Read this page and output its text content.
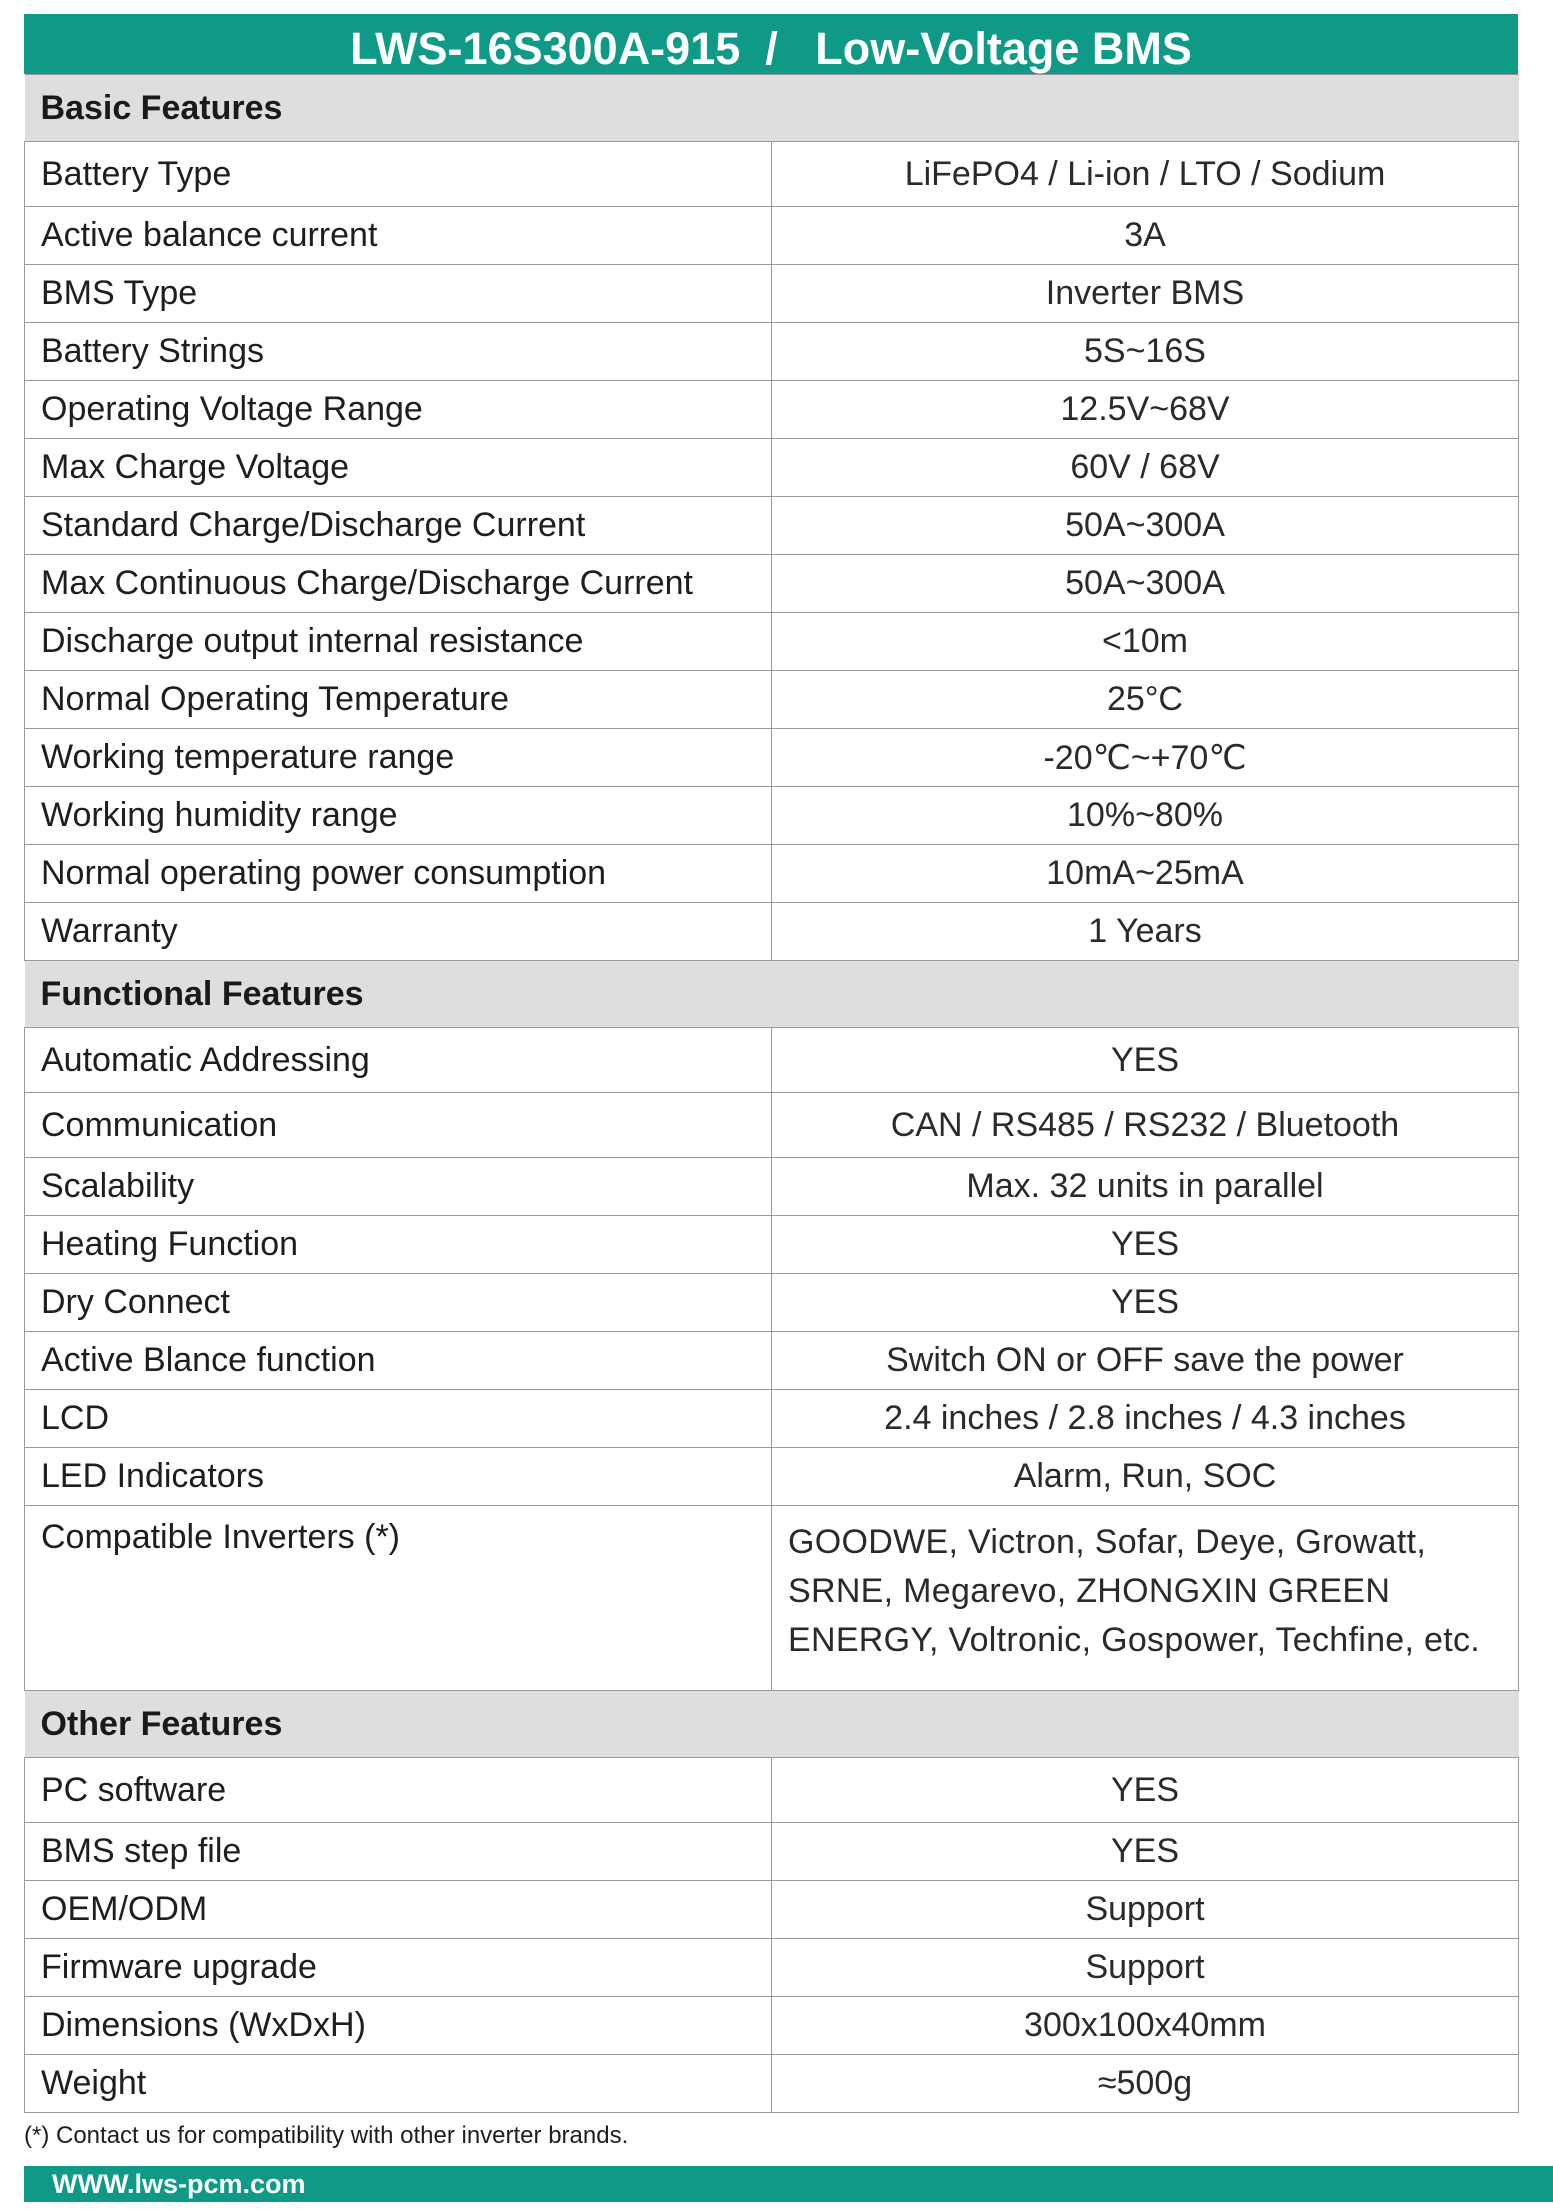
LWS-16S300A-915  /   Low-Voltage BMS
Basic Features	
Battery Type	LiFePO4 / Li-ion / LTO / Sodium
Active balance current	3A
BMS Type	Inverter BMS
Battery Strings	5S~16S
Operating Voltage Range	12.5V~68V
Max Charge Voltage	60V / 68V
Standard Charge/Discharge Current	50A~300A
Max Continuous Charge/Discharge Current	50A~300A
Discharge output internal resistance	<10m
Normal Operating Temperature	25°C
Working temperature range	-20℃~+70℃
Working humidity range	10%~80%
Normal operating power consumption	10mA~25mA
Warranty	1 Years
Functional Features	
Automatic Addressing	YES
Communication	CAN / RS485 / RS232 / Bluetooth
Scalability	Max. 32 units in parallel
Heating Function	YES
Dry Connect	YES
Active Blance function	Switch ON or OFF save the power
LCD	2.4 inches / 2.8 inches / 4.3 inches
LED Indicators	Alarm, Run, SOC
Compatible Inverters (*)	GOODWE, Victron, Sofar, Deye, Growatt, SRNE, Megarevo, ZHONGXIN GREEN ENERGY, Voltronic, Gospower, Techfine, etc.
Other Features	
PC software	YES
BMS step file	YES
OEM/ODM	Support
Firmware upgrade	Support
Dimensions (WxDxH)	300x100x40mm
Weight	≈500g
(*) Contact us for compatibility with other inverter brands.
WWW.lws-pcm.com
